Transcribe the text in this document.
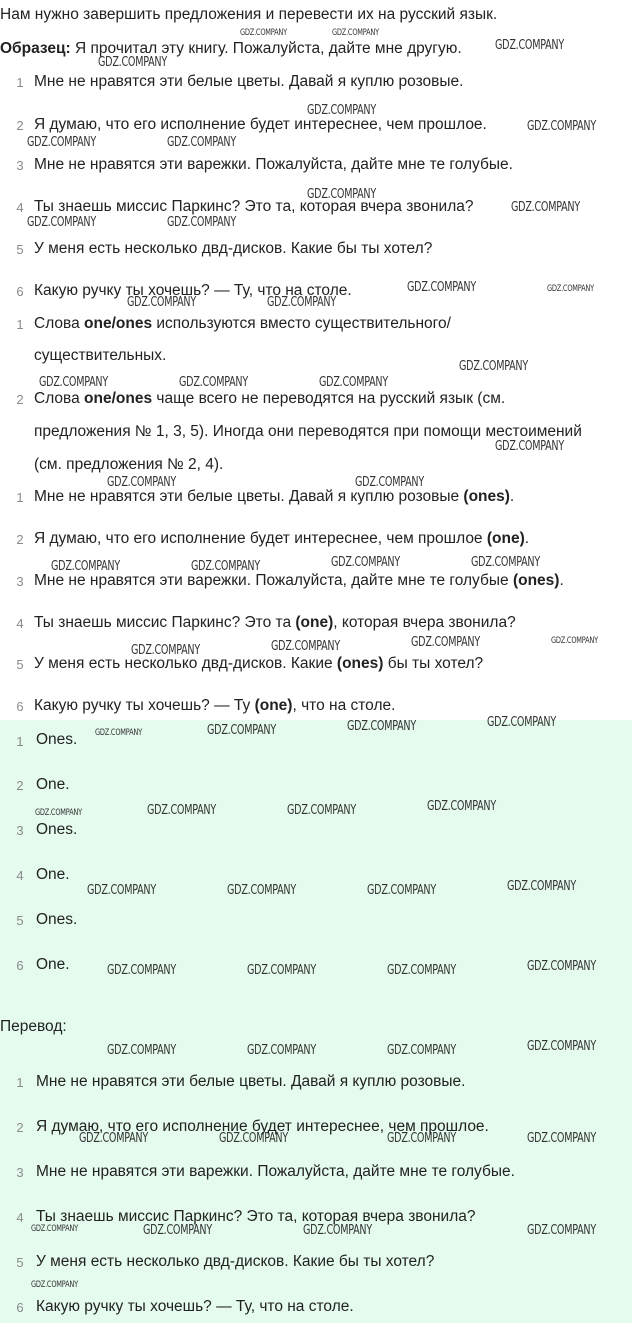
Нам нужно завершить предложения и перевести их на русский язык.
Образец: Я прочитал эту книгу. Пожалуйста, дайте мне другую.
1 Мне не нравятся эти белые цветы. Давай я куплю розовые.
2 Я думаю, что его исполнение будет интереснее, чем прошлое.
3 Мне не нравятся эти варежки. Пожалуйста, дайте мне те голубые.
4 Ты знаешь миссис Паркинс? Это та, которая вчера звонила?
5 У меня есть несколько двд-дисков. Какие бы ты хотел?
6 Какую ручку ты хочешь? — Ту, что на столе.
1 Слова one/ones используются вместо существительного/
существительных.
2 Слова one/ones чаще всего не переводятся на русский язык (см.
предложения № 1, 3, 5). Иногда они переводятся при помощи местоимений
(см. предложения № 2, 4).
1 Мне не нравятся эти белые цветы. Давай я куплю розовые (ones).
2 Я думаю, что его исполнение будет интереснее, чем прошлое (one).
3 Мне не нравятся эти варежки. Пожалуйста, дайте мне те голубые (ones).
4 Ты знаешь миссис Паркинс? Это та (one), которая вчера звонила?
5 У меня есть несколько двд-дисков. Какие (ones) бы ты хотел?
6 Какую ручку ты хочешь? — Ту (one), что на столе.
1 Ones.
2 One.
3 Ones.
4 One.
5 Ones.
6 One.
Перевод:
1 Мне не нравятся эти белые цветы. Давай я куплю розовые.
2 Я думаю, что его исполнение будет интереснее, чем прошлое.
3 Мне не нравятся эти варежки. Пожалуйста, дайте мне те голубые.
4 Ты знаешь миссис Паркинс? Это та, которая вчера звонила?
5 У меня есть несколько двд-дисков. Какие бы ты хотел?
6 Какую ручку ты хочешь? — Ту, что на столе.
GDZ.COMPANY	GDZ.COMPANY
GDZ.COMPANY
GDZ.COMPANY
GDZ.COMPANY
GDZ.COMPANY
GDZ.COMPANY	GDZ.COMPANY
GDZ.COMPANY
GDZ.COMPANY
GDZ.COMPANY	GDZ.COMPANY
GDZ.COMPANY	GDZ.COMPANY
GDZ.COMPANY	GDZ.COMPANY
GDZ.COMPANY
GDZ.COMPANY	GDZ.COMPANY	GDZ.COMPANY
GDZ.COMPANY
GDZ.COMPANY	GDZ.COMPANY
GDZ.COMPANY	GDZ.COMPANY
GDZ.COMPANY	GDZ.COMPANY
GDZ.COMPANY	GDZ.COMPANY
GDZ.COMPANY
GDZ.COMPANY
GDZ.COMPANY
GDZ.COMPANY
GDZ.COMPANY
GDZ.COMPANY
GDZ.COMPANY
GDZ.COMPANY	GDZ.COMPANY
GDZ.COMPANY
GDZ.COMPANY
GDZ.COMPANY	GDZ.COMPANY	GDZ.COMPANY
GDZ.COMPANY
GDZ.COMPANY	GDZ.COMPANY	GDZ.COMPANY
GDZ.COMPANY
GDZ.COMPANY	GDZ.COMPANY	GDZ.COMPANY
GDZ.COMPANY	GDZ.COMPANY	GDZ.COMPANY	GDZ.COMPANY
GDZ.COMPANY	GDZ.COMPANY	GDZ.COMPANY	GDZ.COMPANY
GDZ.COMPANY
